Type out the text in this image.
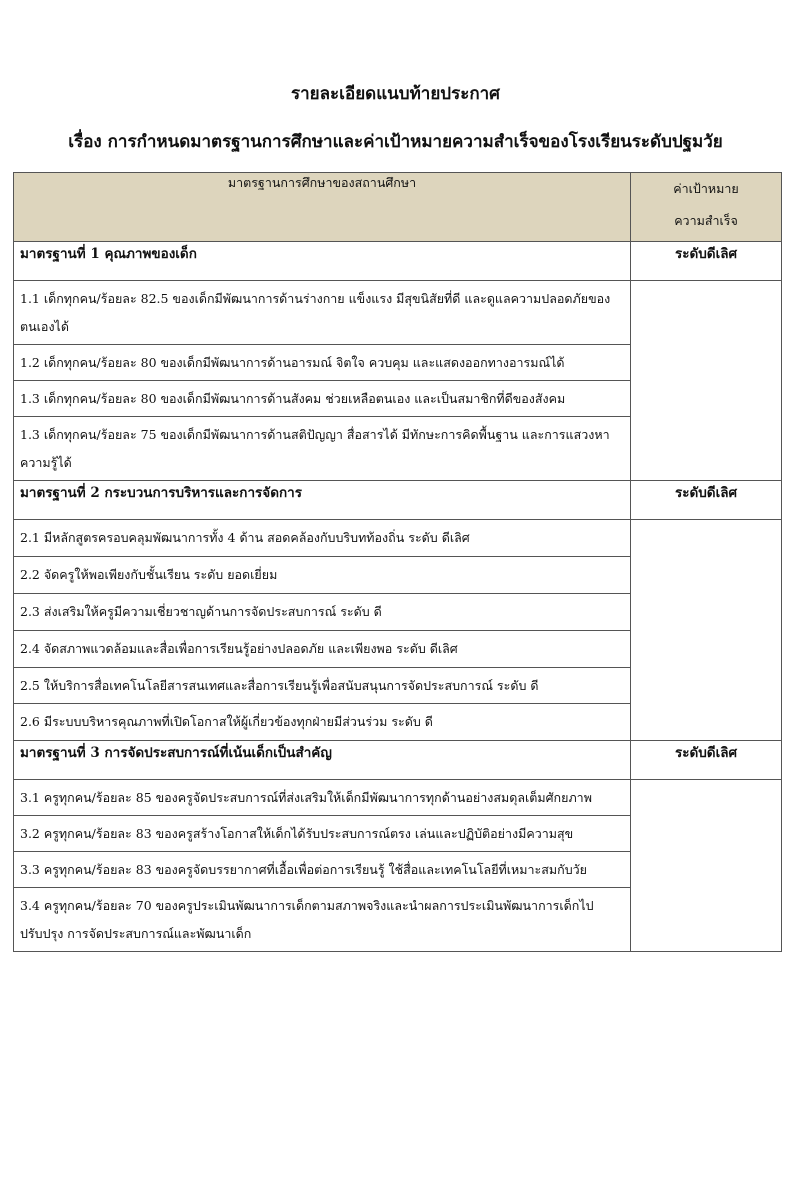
รายละเอียดแนบท้ายประกาศ
เรื่อง การกำหนดมาตรฐานการศึกษาและค่าเป้าหมายความสำเร็จของโรงเรียนระดับปฐมวัย
มาตรฐานการศึกษาของสถานศึกษา	ค่าเป้าหมาย
ความสำเร็จ
มาตรฐานที่ 1 คุณภาพของเด็ก	ระดับดีเลิศ
1.1 เด็กทุกคน/ร้อยละ 82.5 ของเด็กมีพัฒนาการด้านร่างกาย แข็งแรง มีสุขนิสัยที่ดี และดูแลความปลอดภัยของตนเองได้	
1.2 เด็กทุกคน/ร้อยละ 80 ของเด็กมีพัฒนาการด้านอารมณ์ จิตใจ ควบคุม และแสดงออกทางอารมณ์ได้	
1.3 เด็กทุกคน/ร้อยละ 80 ของเด็กมีพัฒนาการด้านสังคม ช่วยเหลือตนเอง และเป็นสมาชิกที่ดีของสังคม	
1.3 เด็กทุกคน/ร้อยละ 75 ของเด็กมีพัฒนาการด้านสติปัญญา สื่อสารได้ มีทักษะการคิดพื้นฐาน และการแสวงหาความรู้ได้	
มาตรฐานที่ 2 กระบวนการบริหารและการจัดการ	ระดับดีเลิศ
2.1 มีหลักสูตรครอบคลุมพัฒนาการทั้ง 4 ด้าน สอดคล้องกับบริบทท้องถิ่น ระดับ ดีเลิศ	
2.2 จัดครูให้พอเพียงกับชั้นเรียน ระดับ ยอดเยี่ยม	
2.3 ส่งเสริมให้ครูมีความเชี่ยวชาญด้านการจัดประสบการณ์ ระดับ ดี	
2.4 จัดสภาพแวดล้อมและสื่อเพื่อการเรียนรู้อย่างปลอดภัย และเพียงพอ ระดับ ดีเลิศ	
2.5 ให้บริการสื่อเทคโนโลยีสารสนเทศและสื่อการเรียนรู้เพื่อสนับสนุนการจัดประสบการณ์ ระดับ ดี	
2.6 มีระบบบริหารคุณภาพที่เปิดโอกาสให้ผู้เกี่ยวข้องทุกฝ่ายมีส่วนร่วม ระดับ ดี	
มาตรฐานที่ 3 การจัดประสบการณ์ที่เน้นเด็กเป็นสำคัญ	ระดับดีเลิศ
3.1 ครูทุกคน/ร้อยละ 85 ของครูจัดประสบการณ์ที่ส่งเสริมให้เด็กมีพัฒนาการทุกด้านอย่างสมดุลเต็มศักยภาพ	
3.2 ครูทุกคน/ร้อยละ 83 ของครูสร้างโอกาสให้เด็กได้รับประสบการณ์ตรง เล่นและปฏิบัติอย่างมีความสุข	
3.3 ครูทุกคน/ร้อยละ 83 ของครูจัดบรรยากาศที่เอื้อเพื่อต่อการเรียนรู้ ใช้สื่อและเทคโนโลยีที่เหมาะสมกับวัย	
3.4 ครูทุกคน/ร้อยละ 70 ของครูประเมินพัฒนาการเด็กตามสภาพจริงและนำผลการประเมินพัฒนาการเด็กไปปรับปรุง การจัดประสบการณ์และพัฒนาเด็ก	
